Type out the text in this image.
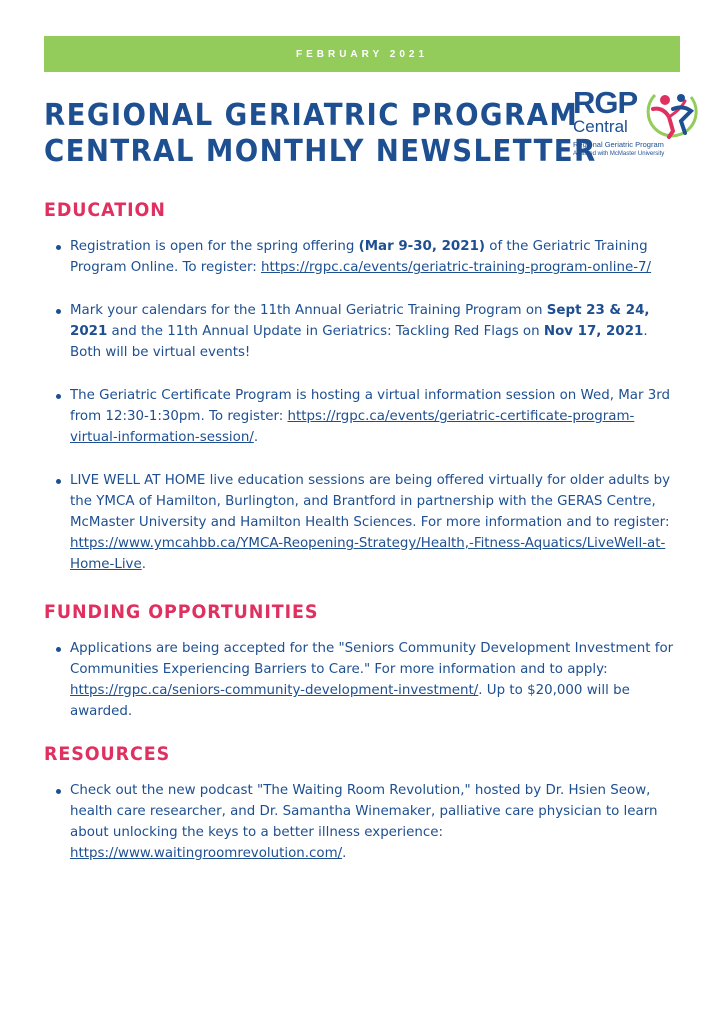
FEBRUARY 2021
REGIONAL GERIATRIC PROGRAM
CENTRAL MONTHLY NEWSLETTER
RGP
Central
Regional Geriatric Program
Affiliated with McMaster University
EDUCATION
Registration is open for the spring offering (Mar 9-30, 2021) of the Geriatric Training Program Online. To register: https://rgpc.ca/events/geriatric-training-program-online-7/
Mark your calendars for the 11th Annual Geriatric Training Program on Sept 23 & 24, 2021 and the 11th Annual Update in Geriatrics: Tackling Red Flags on Nov 17, 2021. Both will be virtual events!
The Geriatric Certificate Program is hosting a virtual information session on Wed, Mar 3rd from 12:30-1:30pm. To register: https://rgpc.ca/events/geriatric-certificate-program-virtual-information-session/.
LIVE WELL AT HOME live education sessions are being offered virtually for older adults by the YMCA of Hamilton, Burlington, and Brantford in partnership with the GERAS Centre, McMaster University and Hamilton Health Sciences. For more information and to register: https://www.ymcahbb.ca/YMCA-Reopening-Strategy/Health,-Fitness-Aquatics/LiveWell-at-Home-Live.
FUNDING OPPORTUNITIES
Applications are being accepted for the "Seniors Community Development Investment for Communities Experiencing Barriers to Care." For more information and to apply: https://rgpc.ca/seniors-community-development-investment/. Up to $20,000 will be awarded.
RESOURCES
Check out the new podcast "The Waiting Room Revolution," hosted by Dr. Hsien Seow, health care researcher, and Dr. Samantha Winemaker, palliative care physician to learn about unlocking the keys to a better illness experience: https://www.waitingroomrevolution.com/.
